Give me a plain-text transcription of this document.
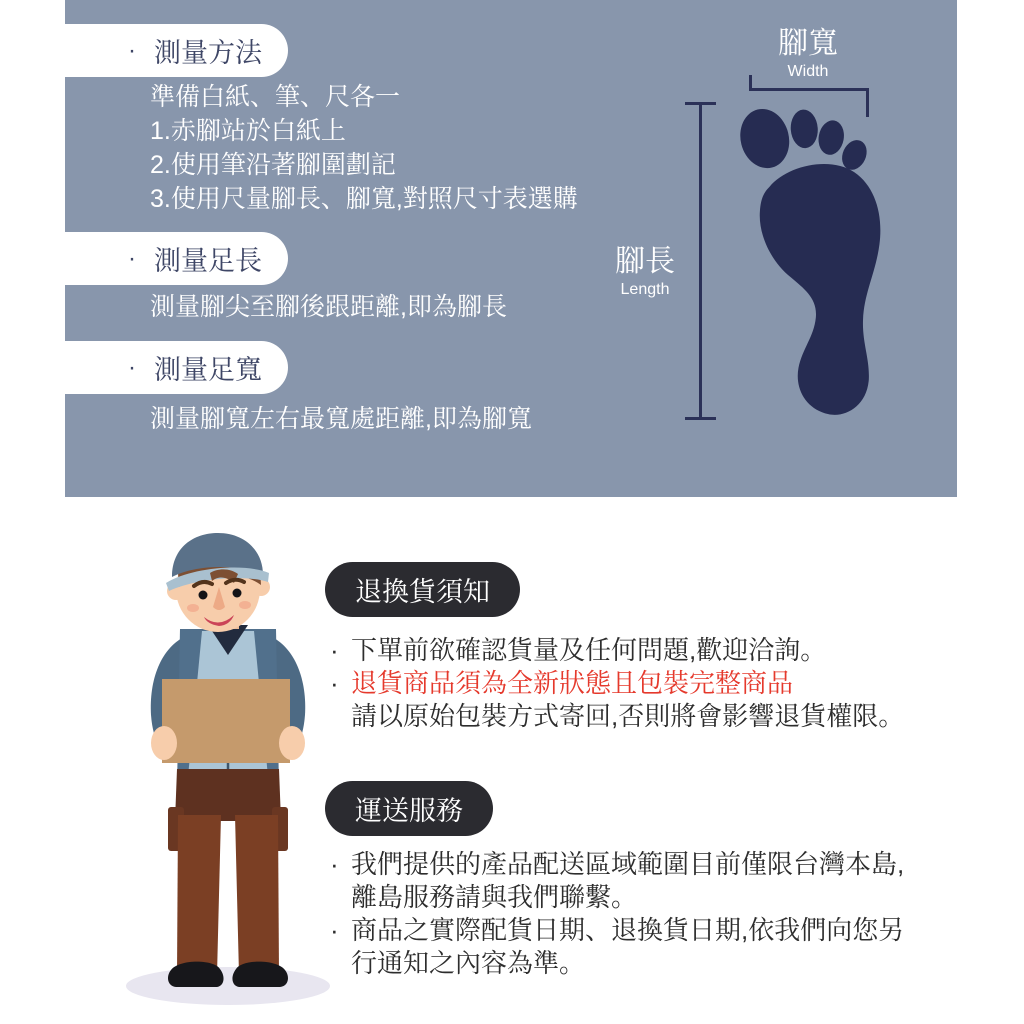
· 測量方法
· 測量足長
· 測量足寬
準備白紙、筆、尺各一
1.赤腳站於白紙上
2.使用筆沿著腳圍劃記
3.使用尺量腳長、腳寬,對照尺寸表選購
測量腳尖至腳後跟距離,即為腳長
測量腳寬左右最寬處距離,即為腳寬
腳寬
Width
腳長
Length
退換貨須知
· 下單前欲確認貨量及任何問題,歡迎洽詢。
· 退貨商品須為全新狀態且包裝完整商品
請以原始包裝方式寄回,否則將會影響退貨權限。
運送服務
· 我們提供的產品配送區域範圍目前僅限台灣本島,
離島服務請與我們聯繫。
· 商品之實際配貨日期、退換貨日期,依我們向您另
行通知之內容為準。
